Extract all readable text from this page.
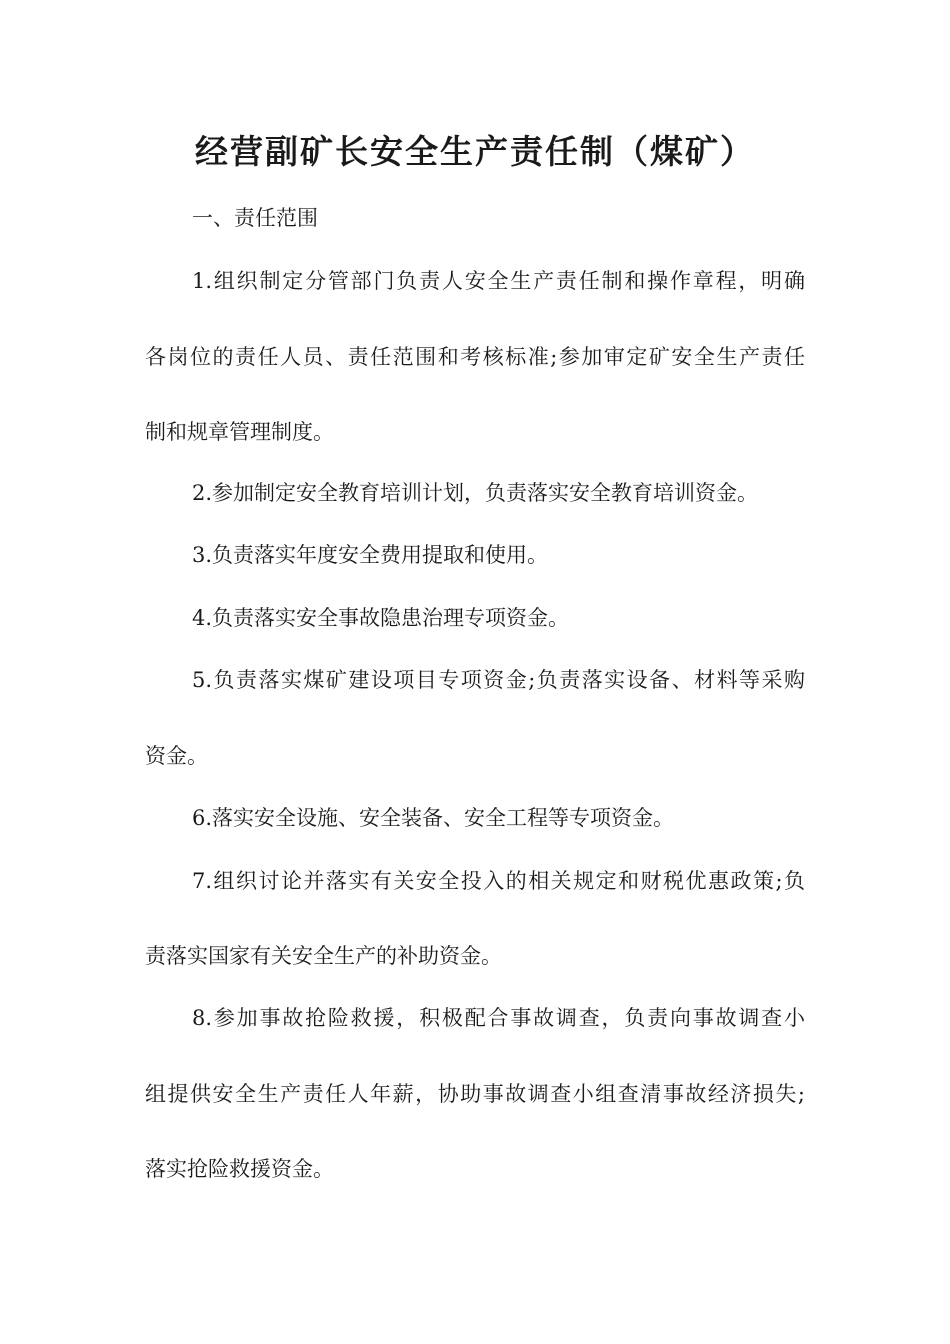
经营副矿长安全生产责任制（煤矿）

一、责任范围

1.组织制定分管部门负责人安全生产责任制和操作章程，明确

各岗位的责任人员、责任范围和考核标准;参加审定矿安全生产责任

制和规章管理制度。

2.参加制定安全教育培训计划，负责落实安全教育培训资金。

3.负责落实年度安全费用提取和使用。

4.负责落实安全事故隐患治理专项资金。

5.负责落实煤矿建设项目专项资金;负责落实设备、材料等采购

资金。

6.落实安全设施、安全装备、安全工程等专项资金。

7.组织讨论并落实有关安全投入的相关规定和财税优惠政策;负

责落实国家有关安全生产的补助资金。

8.参加事故抢险救援，积极配合事故调查，负责向事故调查小

组提供安全生产责任人年薪，协助事故调查小组查清事故经济损失;

落实抢险救援资金。
